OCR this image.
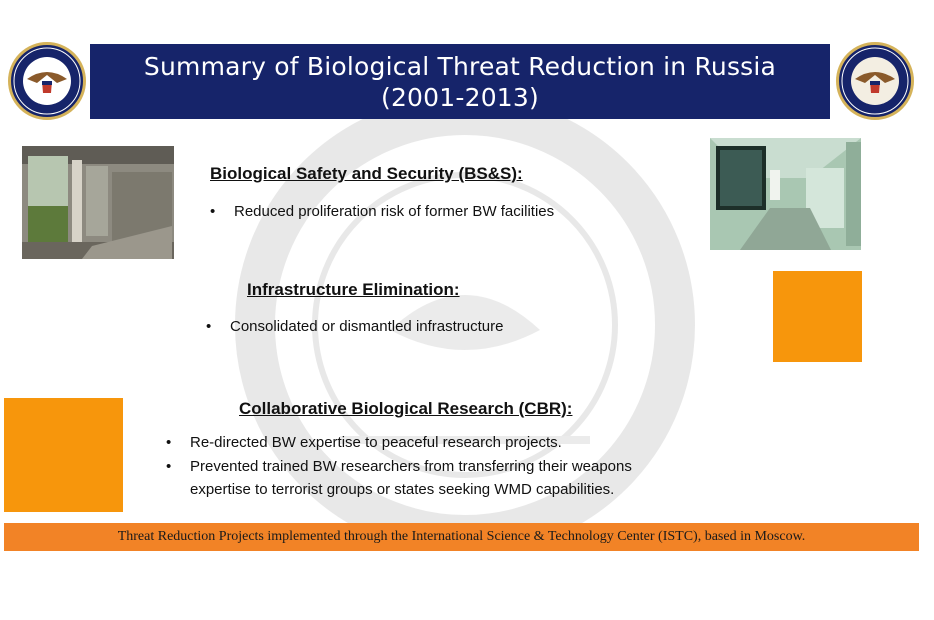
Summary of Biological Threat Reduction in Russia
(2001-2013)
Biological Safety and Security (BS&S):
• Reduced proliferation risk of former BW facilities
Infrastructure Elimination:
• Consolidated or dismantled infrastructure
Collaborative Biological Research (CBR):
• Re-directed BW expertise to peaceful research projects.
• Prevented trained BW researchers from transferring their weapons
expertise to terrorist groups or states seeking WMD capabilities.
Threat Reduction Projects implemented through the International Science & Technology Center (ISTC), based in Moscow.
